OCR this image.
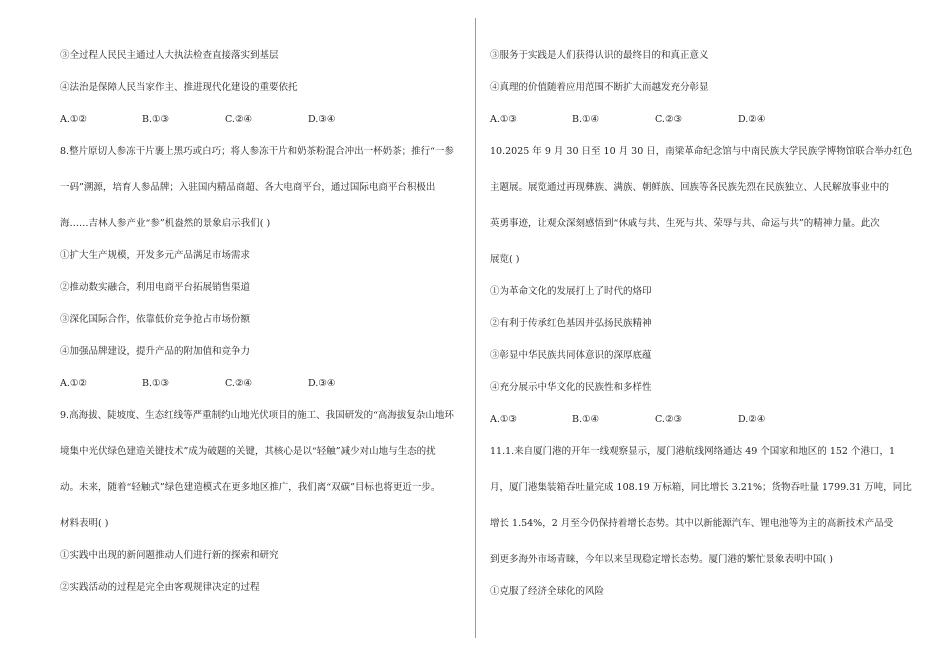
③全过程人民民主通过人大执法检查直接落实到基层
④法治是保障人民当家作主、推进现代化建设的重要依托
A.①②	B.①③	C.②④	D.③④
8.整片原切人参冻干片裹上黑巧或白巧；将人参冻干片和奶茶粉混合冲出一杯奶茶；推行“一参
一码”溯源，培育人参品牌；入驻国内精品商超、各大电商平台，通过国际电商平台积极出
海……吉林人参产业“参”机盎然的景象启示我们( )
①扩大生产规模，开发多元产品满足市场需求
②推动数实融合，利用电商平台拓展销售渠道
③深化国际合作，依靠低价竞争抢占市场份额
④加强品牌建设，提升产品的附加值和竞争力
A.①②	B.①③	C.②④	D.③④
9.高海拔、陡坡度、生态红线等严重制约山地光伏项目的施工、我国研发的“高海拔复杂山地环
境集中光伏绿色建造关键技术”成为破题的关键，其核心是以“轻触”减少对山地与生态的扰
动。未来，随着“轻触式”绿色建造模式在更多地区推广，我们离“双碳”目标也将更近一步。
材料表明( )
①实践中出现的新问题推动人们进行新的探索和研究
②实践活动的过程是完全由客观规律决定的过程
③服务于实践是人们获得认识的最终目的和真正意义
④真理的价值随着应用范围不断扩大而越发充分彰显
A.①③	B.①④	C.②③	D.②④
10.2025 年 9 月 30 日至 10 月 30 日，南梁革命纪念馆与中南民族大学民族学博物馆联合举办红色
主题展。展览通过再现彝族、满族、朝鲜族、回族等各民族先烈在民族独立、人民解放事业中的
英勇事迹，让观众深刻感悟到“休戚与共、生死与共、荣辱与共、命运与共”的精神力量。此次
展览( )
①为革命文化的发展打上了时代的烙印
②有利于传承红色基因并弘扬民族精神
③彰显中华民族共同体意识的深厚底蕴
④充分展示中华文化的民族性和多样性
A.①③	B.①④	C.②③	D.②④
11.1.来自厦门港的开年一线观察显示，厦门港航线网络通达 49 个国家和地区的 152 个港口，1
月，厦门港集装箱吞吐量完成 108.19 万标箱，同比增长 3.21%；货物吞吐量 1799.31 万吨，同比
增长 1.54%，2 月至今仍保持着增长态势。其中以新能源汽车、锂电池等为主的高新技术产品受
到更多海外市场青睐，今年以来呈现稳定增长态势。厦门港的繁忙景象表明中国( )
①克服了经济全球化的风险
